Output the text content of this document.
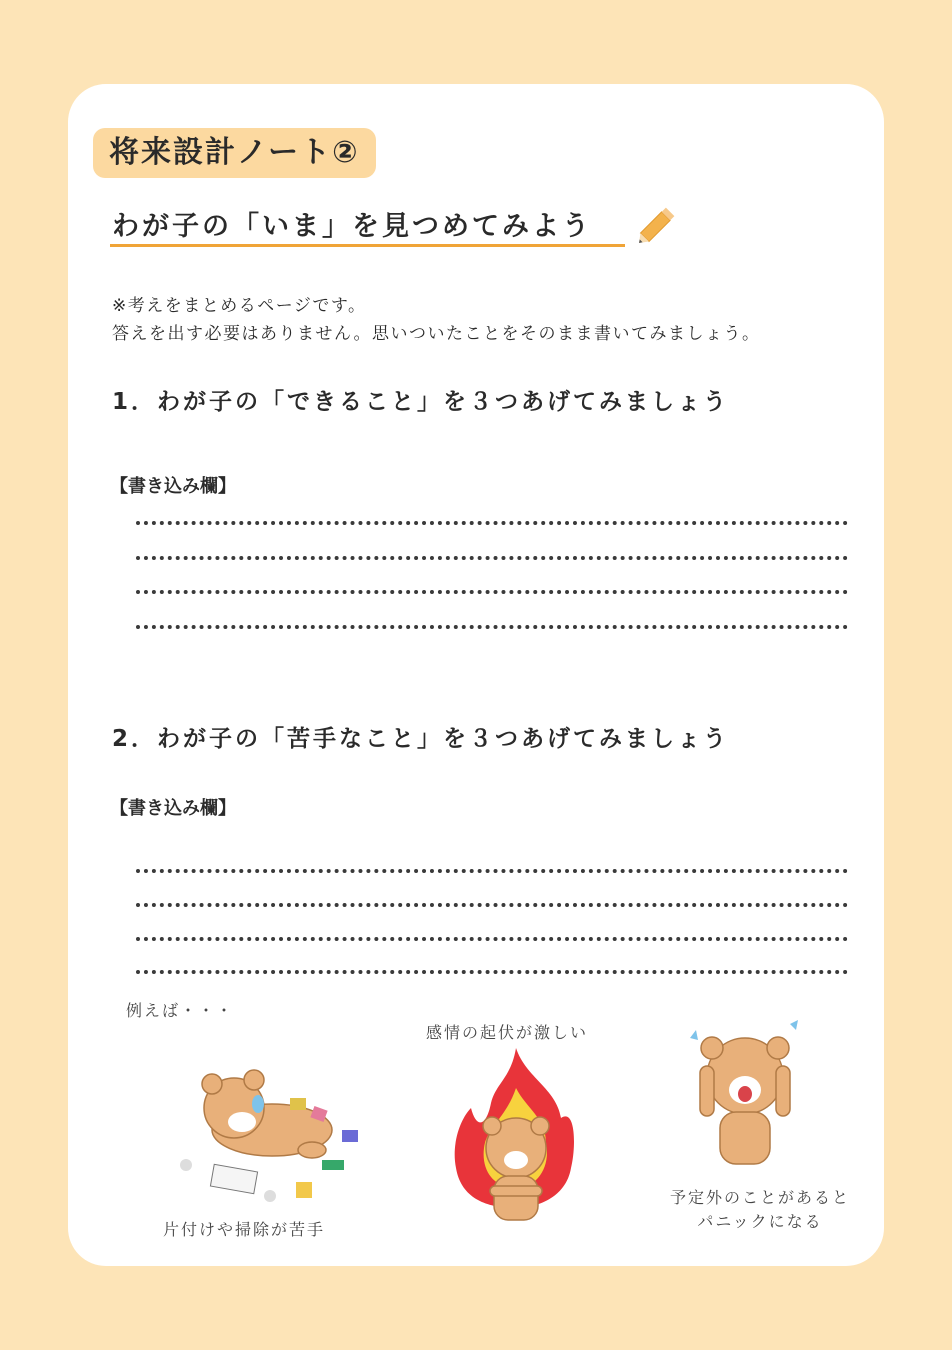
将来設計ノート②
わが子の「いま」を見つめてみよう
※考えをまとめるページです。
答えを出す必要はありません。思いついたことをそのまま書いてみましょう。
1．わが子の「できること」を３つあげてみましょう
【書き込み欄】
2．わが子の「苦手なこと」を３つあげてみましょう
【書き込み欄】
例えば・・・
片付けや掃除が苦手
感情の起伏が激しい
予定外のことがあると
パニックになる
